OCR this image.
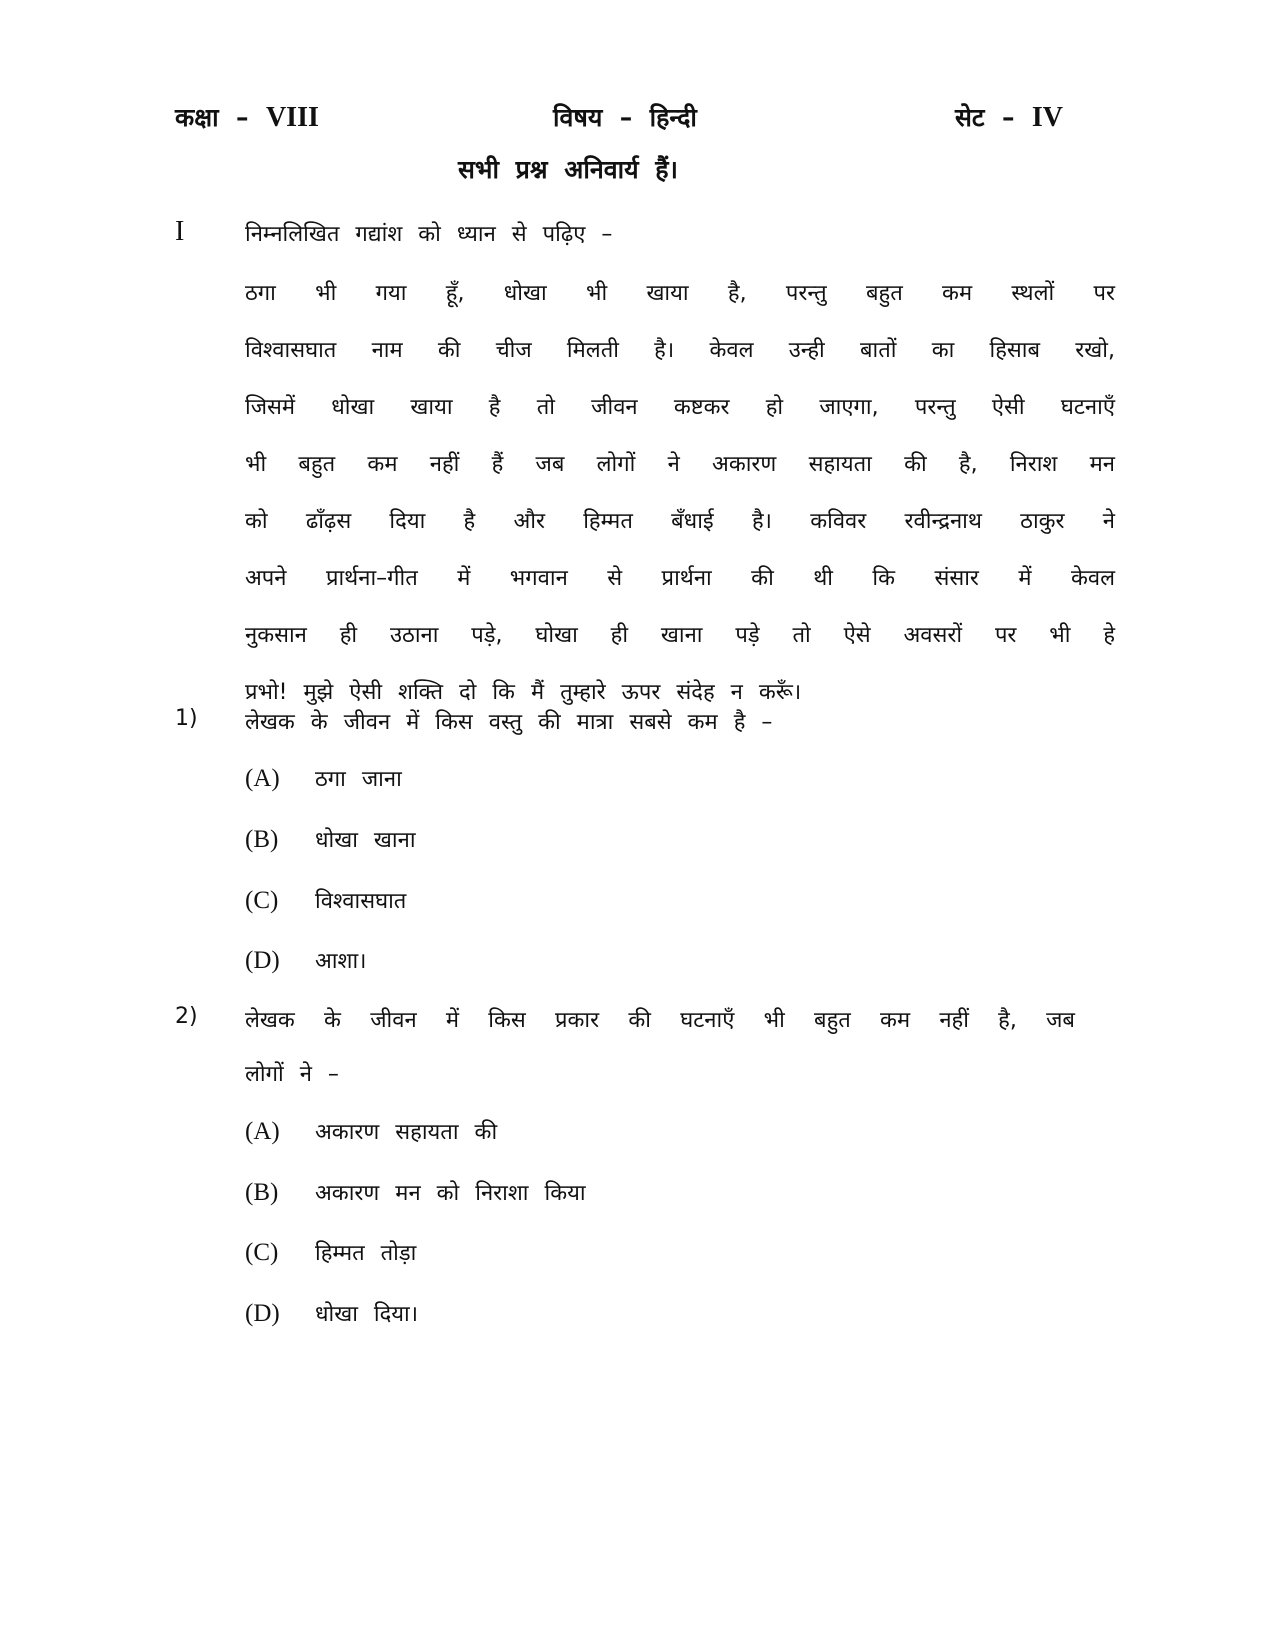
कक्षा – VIII	विषय – हिन्दी	सेट – IV
सभी प्रश्न अनिवार्य हैं।
I	निम्नलिखित गद्यांश को ध्यान से पढ़िए –
ठगा भी गया हूँ, धोखा भी खाया है, परन्तु बहुत कम स्थलों पर
विश्वासघात नाम की चीज मिलती है। केवल उन्ही बातों का हिसाब रखो,
जिसमें धोखा खाया है तो जीवन कष्टकर हो जाएगा, परन्तु ऐसी घटनाएँ
भी बहुत कम नहीं हैं जब लोगों ने अकारण सहायता की है, निराश मन
को ढाँढ़स दिया है और हिम्मत बँधाई है। कविवर रवीन्द्रनाथ ठाकुर ने
अपने प्रार्थना–गीत में भगवान से प्रार्थना की थी कि संसार में केवल
नुकसान ही उठाना पड़े, घोखा ही खाना पड़े तो ऐसे अवसरों पर भी हे
प्रभो! मुझे ऐसी शक्ति दो कि मैं तुम्हारे ऊपर संदेह न करूँ।
1) लेखक के जीवन में किस वस्तु की मात्रा सबसे कम है –
(A) ठगा जाना
(B) धोखा खाना
(C) विश्वासघात
(D) आशा।
2) लेखक के जीवन में किस प्रकार की घटनाएँ भी बहुत कम नहीं है, जब
लोगों ने –
(A) अकारण सहायता की
(B) अकारण मन को निराशा किया
(C) हिम्मत तोड़ा
(D) धोखा दिया।
